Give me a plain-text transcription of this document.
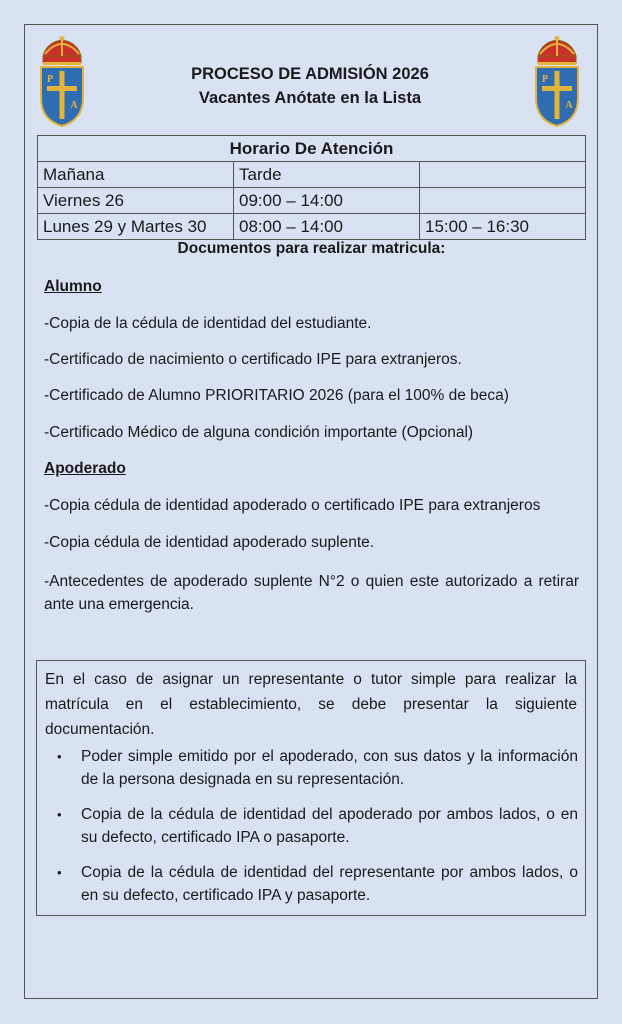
P
A
P
A
PROCESO DE ADMISIÓN 2026
Vacantes Anótate en la Lista
Horario De Atención		
Mañana	Tarde	
Viernes 26	09:00 – 14:00	
Lunes 29 y Martes 30	08:00 – 14:00	15:00 – 16:30
Documentos para realizar matricula:
Alumno
-Copia de la cédula de identidad del estudiante.
-Certificado de nacimiento o certificado IPE para extranjeros.
-Certificado de Alumno PRIORITARIO 2026 (para el 100% de beca)
-Certificado Médico de alguna condición importante (Opcional)
Apoderado
-Copia cédula de identidad apoderado o certificado IPE para extranjeros
-Copia cédula de identidad apoderado suplente.
-Antecedentes de apoderado suplente N°2 o quien este autorizado a retirar ante una emergencia.
En el caso de asignar un representante o tutor simple para realizar la matrícula en el establecimiento, se debe presentar la siguiente documentación.
• Poder simple emitido por el apoderado, con sus datos y la información de la persona designada en su representación.
• Copia de la cédula de identidad del apoderado por ambos lados, o en su defecto, certificado IPA o pasaporte.
• Copia de la cédula de identidad del representante por ambos lados, o en su defecto, certificado IPA y pasaporte.
